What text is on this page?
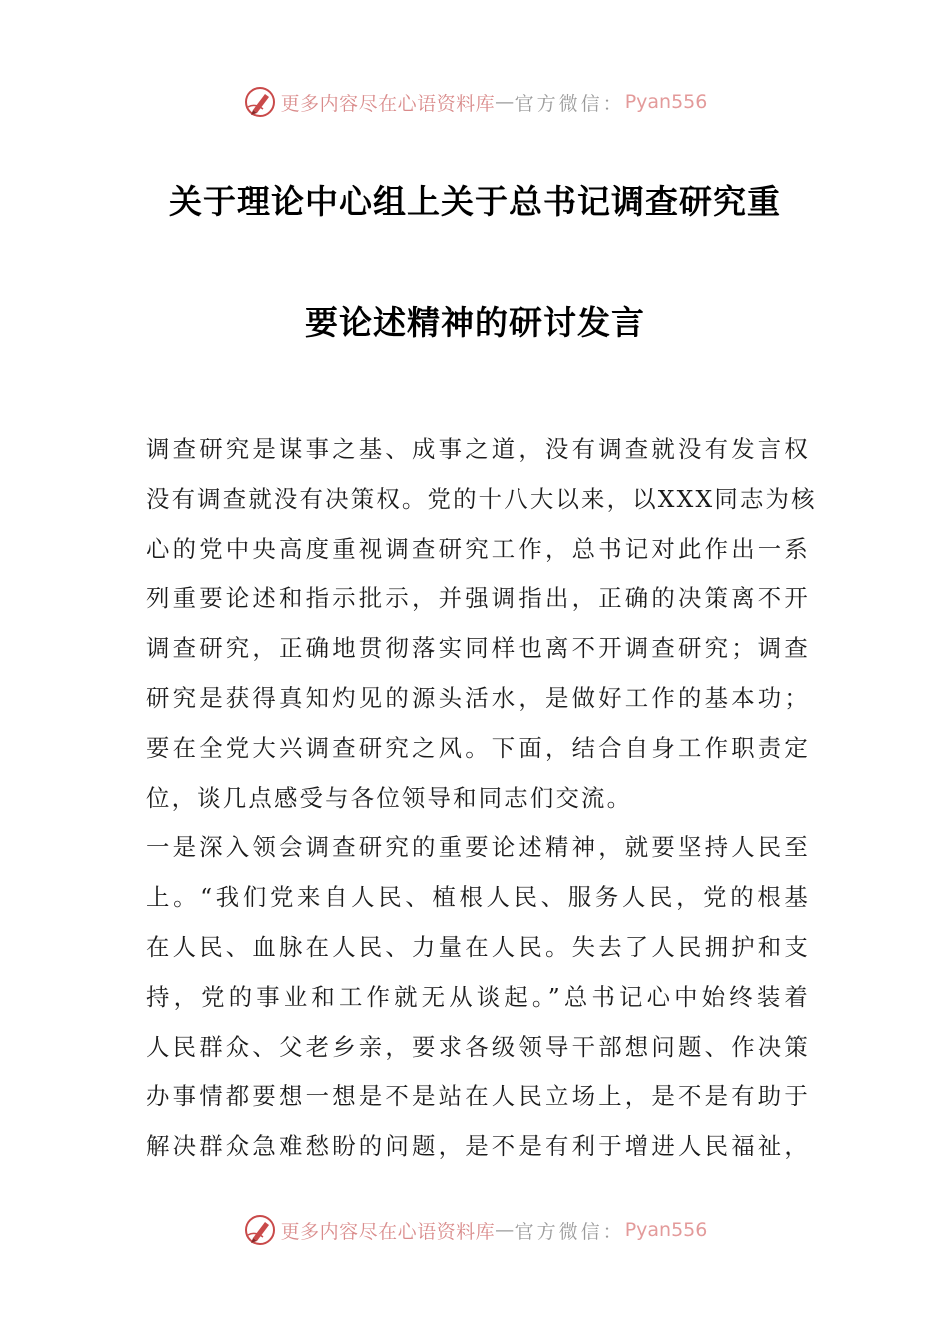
更多内容尽在心语资料库 — 官方微信： Pyan556
关于理论中心组上关于总书记调查研究重
要论述精神的研讨发言
调查研究是谋事之基、成事之道，没有调查就没有发言权
没有调查就没有决策权。党的十八大以来，以XXX同志为核
心的党中央高度重视调查研究工作，总书记对此作出一系
列重要论述和指示批示，并强调指出，正确的决策离不开
调查研究，正确地贯彻落实同样也离不开调查研究；调查
研究是获得真知灼见的源头活水，是做好工作的基本功；
要在全党大兴调查研究之风。下面，结合自身工作职责定
位，谈几点感受与各位领导和同志们交流。
一是深入领会调查研究的重要论述精神，就要坚持人民至
上。“我们党来自人民、植根人民、服务人民，党的根基
在人民、血脉在人民、力量在人民。失去了人民拥护和支
持，党的事业和工作就无从谈起。”总书记心中始终装着
人民群众、父老乡亲，要求各级领导干部想问题、作决策
办事情都要想一想是不是站在人民立场上，是不是有助于
解决群众急难愁盼的问题，是不是有利于增进人民福祉，
更多内容尽在心语资料库 — 官方微信： Pyan556
